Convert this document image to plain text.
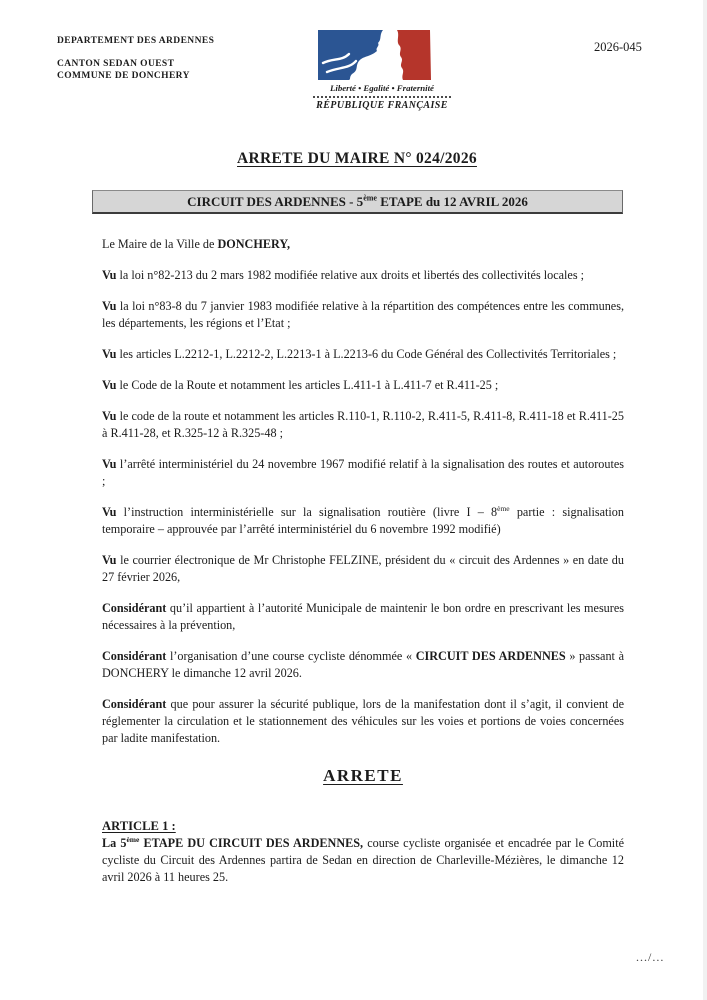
DEPARTEMENT DES ARDENNES
CANTON SEDAN OUEST
COMMUNE DE DONCHERY
Liberté • Egalité • Fraternité
RÉPUBLIQUE FRANÇAISE
2026-045
ARRETE DU MAIRE N° 024/2026
CIRCUIT DES ARDENNES - 5ème ETAPE du 12 AVRIL 2026

Le Maire de la Ville de DONCHERY,

Vu la loi n°82-213 du 2 mars 1982 modifiée relative aux droits et libertés des collectivités locales ;

Vu la loi n°83-8 du 7 janvier 1983 modifiée relative à la répartition des compétences entre les communes, les départements, les régions et l’Etat ;

Vu les articles L.2212-1, L.2212-2, L.2213-1 à L.2213-6 du Code Général des Collectivités Territoriales ;

Vu le Code de la Route et notamment les articles L.411-1 à L.411-7 et R.411-25 ;

Vu le code de la route et notamment les articles R.110-1, R.110-2, R.411-5, R.411-8, R.411-18 et R.411-25 à R.411-28, et R.325-12 à R.325-48 ;

Vu l’arrêté interministériel du 24 novembre 1967 modifié relatif à la signalisation des routes et autoroutes ;

Vu l’instruction interministérielle sur la signalisation routière (livre I – 8ème partie : signalisation temporaire – approuvée par l’arrêté interministériel du 6 novembre 1992 modifié)

Vu le courrier électronique de Mr Christophe FELZINE, président du « circuit des Ardennes » en date du 27 février 2026,

Considérant qu’il appartient à l’autorité Municipale de maintenir le bon ordre en prescrivant les mesures nécessaires à la prévention,

Considérant l’organisation d’une course cycliste dénommée « CIRCUIT DES ARDENNES » passant à DONCHERY le dimanche 12 avril 2026.

Considérant que pour assurer la sécurité publique, lors de la manifestation dont il s’agit, il convient de réglementer la circulation et le stationnement des véhicules sur les voies et portions de voies concernées par ladite manifestation.

ARRETE
ARTICLE 1 :

La 5ème ETAPE DU CIRCUIT DES ARDENNES, course cycliste organisée et encadrée par le Comité cycliste du Circuit des Ardennes partira de Sedan en direction de Charleville-Mézières, le dimanche 12 avril 2026 à 11 heures 25.

.../...
